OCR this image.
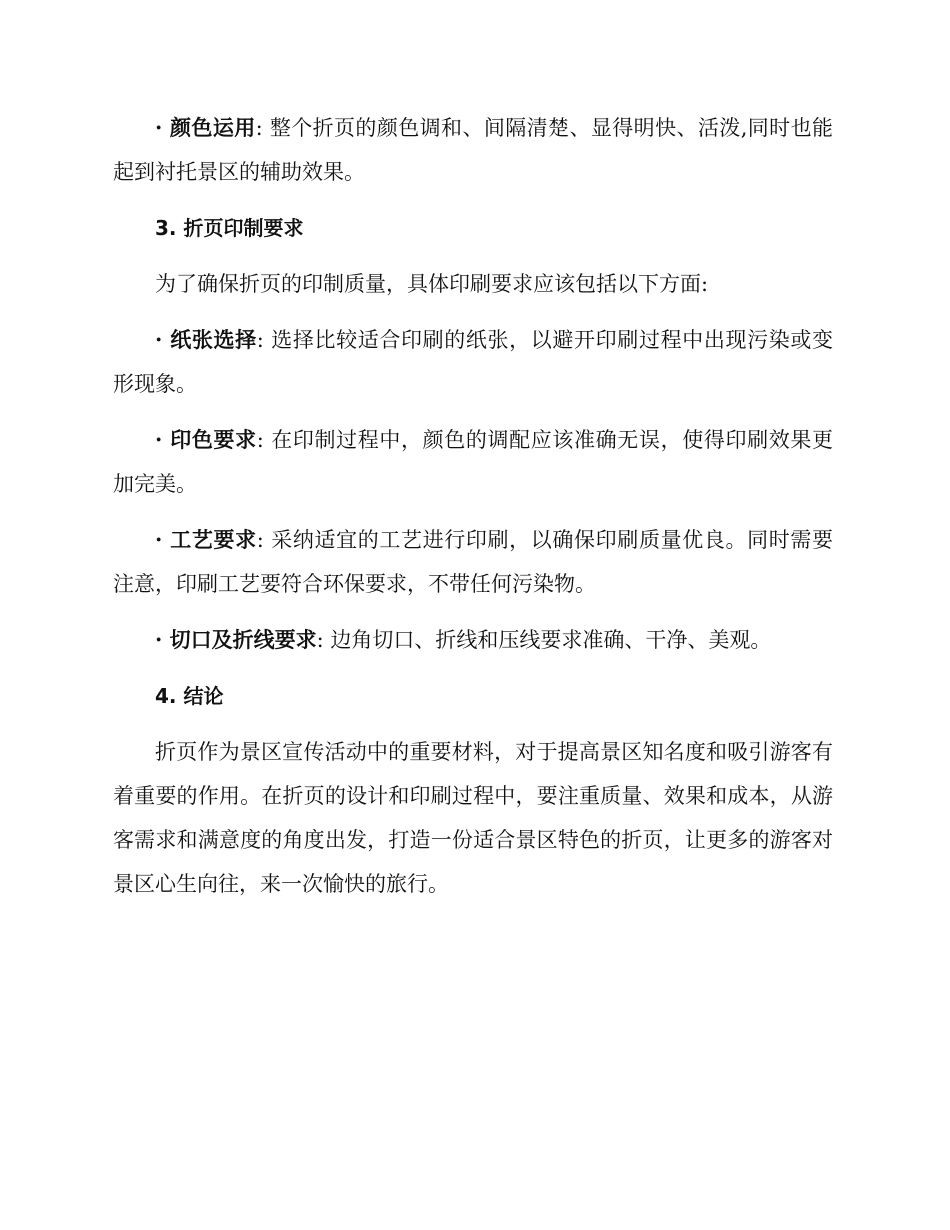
· 颜色运用: 整个折页的颜色调和、间隔清楚、显得明快、活泼,同时也能起到衬托景区的辅助效果。

3. 折页印制要求

为了确保折页的印制质量，具体印刷要求应该包括以下方面:

· 纸张选择: 选择比较适合印刷的纸张，以避开印刷过程中出现污染或变形现象。

· 印色要求: 在印制过程中，颜色的调配应该准确无误，使得印刷效果更加完美。

· 工艺要求: 采纳适宜的工艺进行印刷，以确保印刷质量优良。同时需要注意，印刷工艺要符合环保要求，不带任何污染物。

· 切口及折线要求: 边角切口、折线和压线要求准确、干净、美观。

4. 结论

折页作为景区宣传活动中的重要材料，对于提高景区知名度和吸引游客有着重要的作用。在折页的设计和印刷过程中，要注重质量、效果和成本，从游客需求和满意度的角度出发，打造一份适合景区特色的折页，让更多的游客对景区心生向往，来一次愉快的旅行。
